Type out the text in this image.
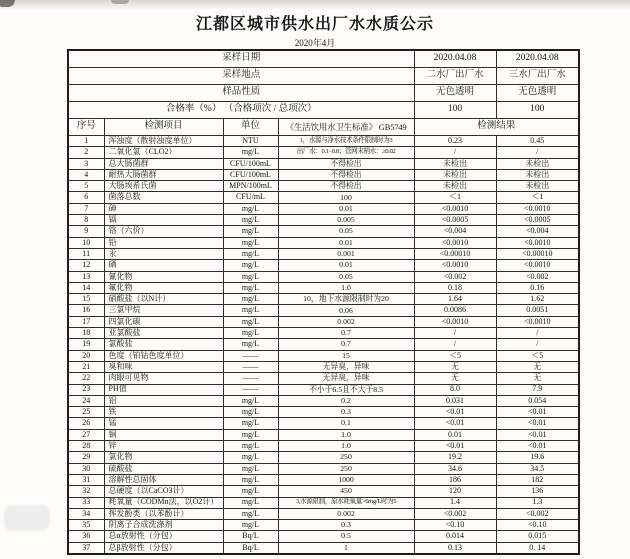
江都区城市供水出厂水水质公示
2020年4月
采样日期				2020.04.08	2020.04.08
采样地点				二水厂出厂水	三水厂出厂水
样品性质				无色透明	无色透明
合格率（%） （合格项次 / 总项次）				100	100
序号	检测项目	单位	《生活饮用水卫生标准》 GB5749	检测结果	
1	浑浊度（散射浊度单位）	NTU	1，水源与净水技术条件限制时为3	0.23	0.45
2	二氧化氯（CLO2）	mg/L	出厂水：0.1~0.8；管网末梢水：≥0.02	/	/
3	总大肠菌群	CFU/100mL	不得检出	未检出	未检出
4	耐热大肠菌群	CFU/100mL	不得检出	未检出	未检出
5	大肠埃希氏菌	MPN/100mL	不得检出	未检出	未检出
6	菌落总数	CFU/mL	100	＜1	＜1
7	砷	mg/L	0.01	<0.0010	<0.0010
8	镉	mg/L	0.005	<0.0005	<0.0005
9	铬（六价）	mg/L	0.05	<0.004	<0.004
10	铅	mg/L	0.01	<0.0010	<0.0010
11	汞	mg/L	0.001	<0.00010	<0.00010
12	硒	mg/L	0.01	<0.0010	<0.0010
13	氰化物	mg/L	0.05	<0.002	<0.002
14	氟化物	mg/L	1.0	0.18	0.16
15	硝酸盐（以N计）	mg/L	10，地下水源限制时为20	1.64	1.62
16	三氯甲烷	mg/L	0.06	0.0086	0.0051
17	四氯化碳	mg/L	0.002	<0.0010	<0.0010
18	亚氯酸盐	mg/L	0.7	/	/
19	氯酸盐	mg/L	0.7	/	/
20	色度（铂钴色度单位）	——	15	＜5	＜5
21	臭和味	——	无异臭，异味	无	无
22	肉眼可见物	——	无异臭，异味	无	无
23	PH值	——	不小于6.5且不大于8.5	8.0	7.9
24	铝	mg/L	0.2	0.031	0.054
25	铁	mg/L	0.3	<0.01	<0.01
26	锰	mg/L	0.1	<0.01	<0.01
27	铜	mg/L	1.0	0.01	<0.01
28	锌	mg/L	1.0	<0.01	<0.01
29	氯化物	mg/L	250	19.2	19.6
30	硫酸盐	mg/L	250	34.6	34.5
31	溶解性总固体	mg/L	1000	186	182
32	总硬度（以CaCO3计）	mg/L	450	120	136
33	耗氧量（CODMn法，以O2计）	mg/L	3,水源限制，原水耗氧量>6mg/L时为5	1.4	1.3
34	挥发酚类（以苯酚计）	mg/L	0.002	<0.002	<0.002
35	阴离子合成洗涤剂	mg/L	0.3	<0.10	<0.10
36	总α放射性（分包）	Bq/L	0.5	0.014	0.015
37	总β放射性（分包）	Bq/L	1	0.13	0. 14
